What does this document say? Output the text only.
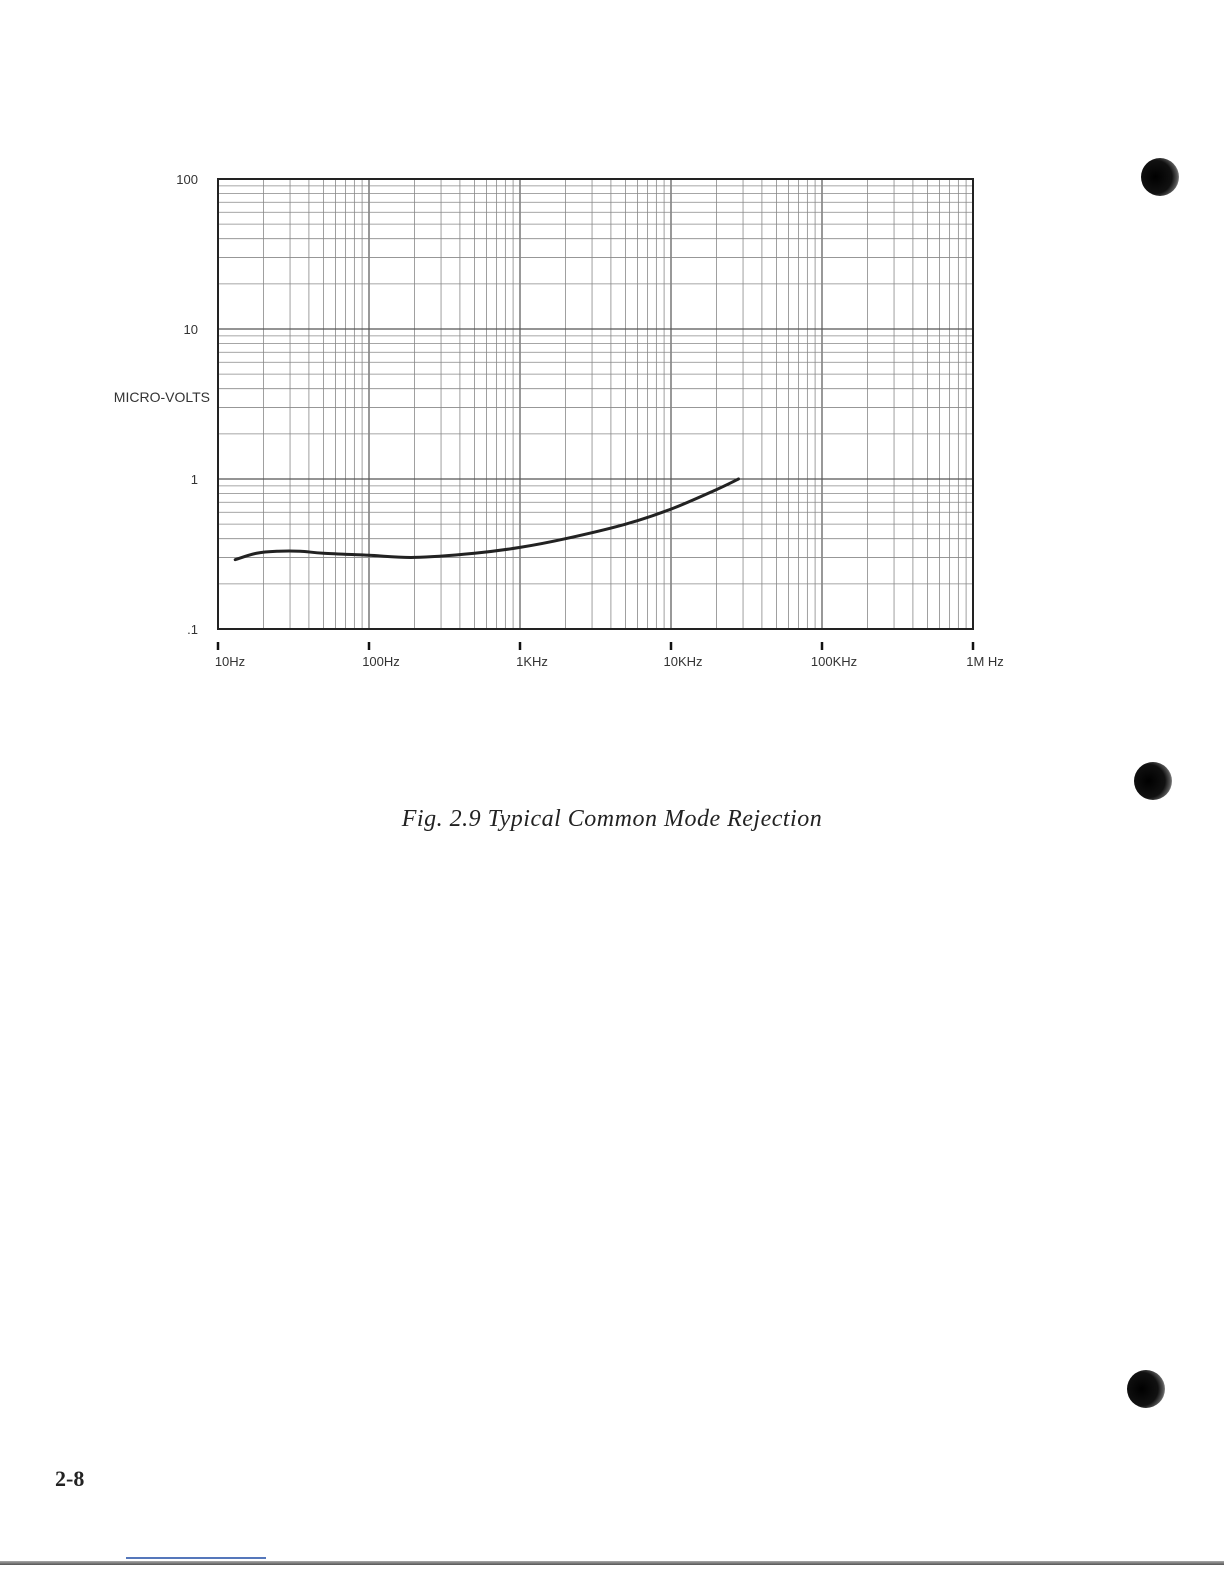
100
10
1
.1
10Hz	100Hz	1KHz	10KHz	100KHz	1M Hz
MICRO-VOLTS
Fig. 2.9 Typical Common Mode Rejection
2-8
